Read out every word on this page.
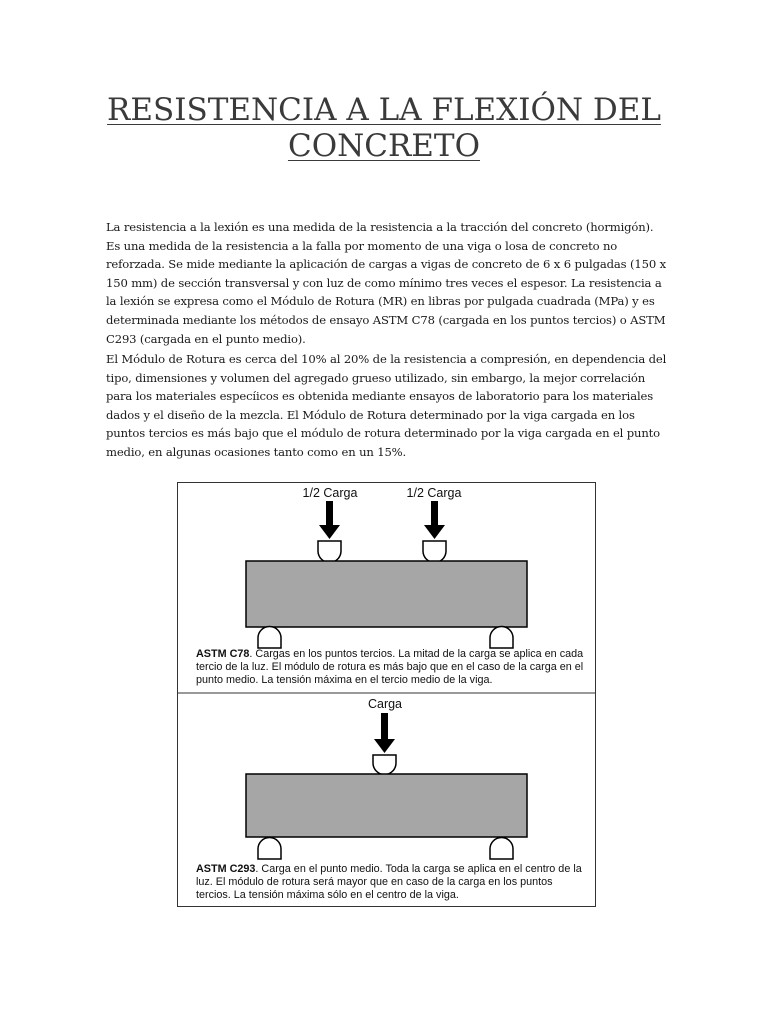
RESISTENCIA A LA FLEXIÓN DEL CONCRETO

La resistencia a la lexión es una medida de la resistencia a la tracción del concreto (hormigón). Es una medida de la resistencia a la falla por momento de una viga o losa de concreto no reforzada. Se mide mediante la aplicación de cargas a vigas de concreto de 6 x 6 pulgadas (150 x 150 mm) de sección transversal y con luz de como mínimo tres veces el espesor. La resistencia a la lexión se expresa como el Módulo de Rotura (MR) en libras por pulgada cuadrada (MPa) y es determinada mediante los métodos de ensayo ASTM C78 (cargada en los puntos tercios) o ASTM C293 (cargada en el punto medio).

El Módulo de Rotura es cerca del 10% al 20% de la resistencia a compresión, en dependencia del tipo, dimensiones y volumen del agregado grueso utilizado, sin embargo, la mejor correlación para los materiales especíicos es obtenida mediante ensayos de laboratorio para los materiales dados y el diseño de la mezcla. El Módulo de Rotura determinado por la viga cargada en los puntos tercios es más bajo que el módulo de rotura determinado por la viga cargada en el punto medio, en algunas ocasiones tanto como en un 15%.

1/2 Carga	1/2 Carga

ASTM C78. Cargas en los puntos tercios. La mitad de la carga se aplica en cada tercio de la luz. El módulo de rotura es más bajo que en el caso de la carga en el punto medio. La tensión máxima en el tercio medio de la viga.

Carga

ASTM C293. Carga en el punto medio. Toda la carga se aplica en el centro de la luz. El módulo de rotura será mayor que en caso de la carga en los puntos tercios. La tensión máxima sólo en el centro de la viga.
